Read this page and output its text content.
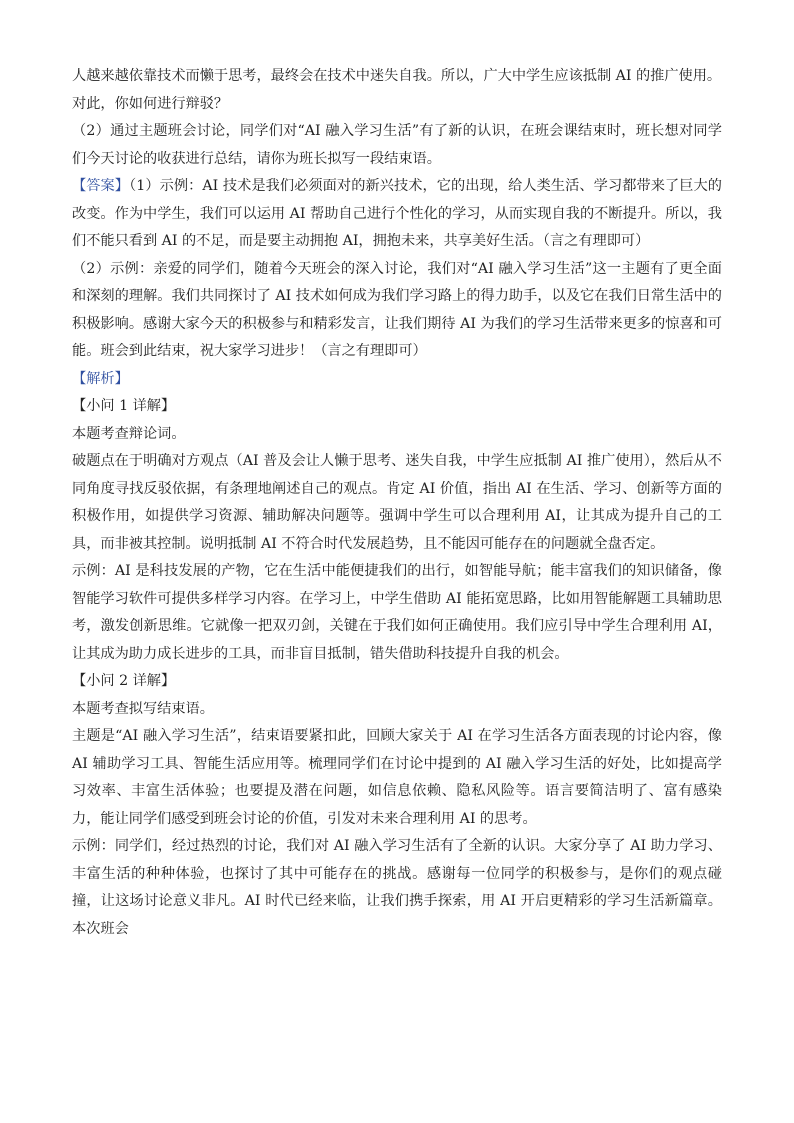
人越来越依靠技术而懒于思考，最终会在技术中迷失自我。所以，广大中学生应该抵制 AI 的推广使用。

对此，你如何进行辩驳？

（2）通过主题班会讨论，同学们对“AI 融入学习生活”有了新的认识，在班会课结束时，班长想对同学们今天讨论的收获进行总结，请你为班长拟写一段结束语。

【答案】（1）示例：AI 技术是我们必须面对的新兴技术，它的出现，给人类生活、学习都带来了巨大的改变。作为中学生，我们可以运用 AI 帮助自己进行个性化的学习，从而实现自我的不断提升。所以，我们不能只看到 AI 的不足，而是要主动拥抱 AI，拥抱未来，共享美好生活。（言之有理即可）

（2）示例：亲爱的同学们，随着今天班会的深入讨论，我们对“AI 融入学习生活”这一主题有了更全面和深刻的理解。我们共同探讨了 AI 技术如何成为我们学习路上的得力助手，以及它在我们日常生活中的积极影响。感谢大家今天的积极参与和精彩发言，让我们期待 AI 为我们的学习生活带来更多的惊喜和可能。班会到此结束，祝大家学习进步！（言之有理即可）

【解析】

【小问 1 详解】

本题考查辩论词。

破题点在于明确对方观点（AI 普及会让人懒于思考、迷失自我，中学生应抵制 AI 推广使用），然后从不同角度寻找反驳依据，有条理地阐述自己的观点。肯定 AI 价值，指出 AI 在生活、学习、创新等方面的积极作用，如提供学习资源、辅助解决问题等。强调中学生可以合理利用 AI，让其成为提升自己的工具，而非被其控制。说明抵制 AI 不符合时代发展趋势，且不能因可能存在的问题就全盘否定。

示例：AI 是科技发展的产物，它在生活中能便捷我们的出行，如智能导航；能丰富我们的知识储备，像智能学习软件可提供多样学习内容。在学习上，中学生借助 AI 能拓宽思路，比如用智能解题工具辅助思考，激发创新思维。它就像一把双刃剑，关键在于我们如何正确使用。我们应引导中学生合理利用 AI，让其成为助力成长进步的工具，而非盲目抵制，错失借助科技提升自我的机会。

【小问 2 详解】

本题考查拟写结束语。

主题是“AI 融入学习生活”，结束语要紧扣此，回顾大家关于 AI 在学习生活各方面表现的讨论内容，像 AI 辅助学习工具、智能生活应用等。梳理同学们在讨论中提到的 AI 融入学习生活的好处，比如提高学习效率、丰富生活体验；也要提及潜在问题，如信息依赖、隐私风险等。语言要简洁明了、富有感染力，能让同学们感受到班会讨论的价值，引发对未来合理利用 AI 的思考。

示例：同学们，经过热烈的讨论，我们对 AI 融入学习生活有了全新的认识。大家分享了 AI 助力学习、丰富生活的种种体验，也探讨了其中可能存在的挑战。感谢每一位同学的积极参与，是你们的观点碰撞，让这场讨论意义非凡。AI 时代已经来临，让我们携手探索，用 AI 开启更精彩的学习生活新篇章。本次班会
